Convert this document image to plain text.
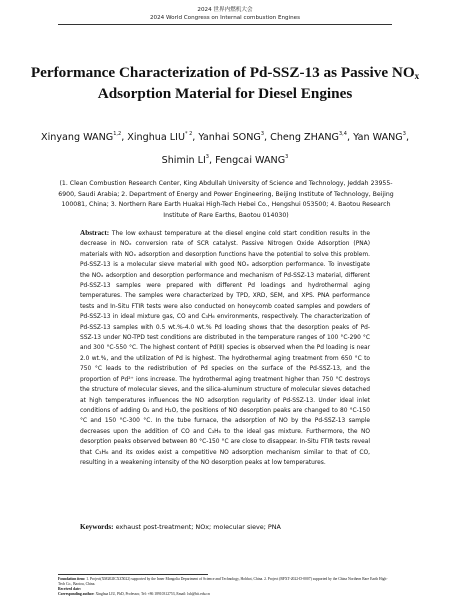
2024 世界内燃机大会
2024 World Congress on Internal combustion Engines
Performance Characterization of Pd-SSZ-13 as Passive $NO_x$
Adsorption Material for Diesel Engines
Xinyang WANG$^{1,2}$, Xinghua LIU$^{* 2}$, Yanhai SONG$^3$, Cheng ZHANG$^{3,4}$, Yan WANG$^3$,
Shimin $LI^3$, Fengcai WANG$^3$
(1. Clean Combustion Research Center, King Abdullah University of Science and Technology, Jeddah 23955-6900, Saudi Arabia; 2. Department of Energy and Power Engineering, Beijing Institute of Technology, Beijing 100081, China; 3. Northern Rare Earth Huakai High-Tech Hebei Co., Hengshui 053500; 4. Baotou Research Institute of Rare Earths, Baotou 014030)
Abstract: The low exhaust temperature at the diesel engine cold start condition results in the decrease in NOₓ conversion rate of SCR catalyst. Passive Nitrogen Oxide Adsorption (PNA) materials with NOₓ adsorption and desorption functions have the potential to solve this problem. Pd-SSZ-13 is a molecular sieve material with good NOₓ adsorption performance. To investigate the NOₓ adsorption and desorption performance and mechanism of Pd-SSZ-13 material, different Pd-SSZ-13 samples were prepared with different Pd loadings and hydrothermal aging temperatures. The samples were characterized by TPD, XRD, SEM, and XPS. PNA performance tests and In-Situ FTIR tests were also conducted on honeycomb coated samples and powders of Pd-SSZ-13 in ideal mixture gas, CO and C₃H₆ environments, respectively. The characterization of Pd-SSZ-13 samples with 0.5 wt.%-4.0 wt.% Pd loading shows that the desorption peaks of Pd-SSZ-13 under NO-TPD test conditions are distributed in the temperature ranges of 100 °C-290 °C and 300 °C-550 °C. The highest content of Pd(Ⅱ) species is observed when the Pd loading is near 2.0 wt.%, and the utilization of Pd is highest. The hydrothermal aging treatment from 650 °C to 750 °C leads to the redistribution of Pd species on the surface of the Pd-SSZ-13, and the proportion of Pd²⁺ ions increase. The hydrothermal aging treatment higher than 750 °C destroys the structure of molecular sieves, and the silica-aluminum structure of molecular sieves detached at high temperatures influences the NO adsorption regularity of Pd-SSZ-13. Under ideal inlet conditions of adding O₂ and H₂O, the positions of NO desorption peaks are changed to 80 °C-150 °C and 150 °C-300 °C. In the tube furnace, the adsorption of NO by the Pd-SSZ-13 sample decreases upon the addition of CO and C₃H₆ to the ideal gas mixture. Furthermore, the NO desorption peaks observed between 80 °C-150 °C are close to disappear. In-Situ FTIR tests reveal that C₃H₆ and its oxides exist a competitive NO adsorption mechanism similar to that of CO, resulting in a weakening intensity of the NO desorption peaks at low temperatures.
Keywords: exhaust post-treatment; NOx; molecular sieve; PNA
Foundation item: 1. Project(XM202ICXZ5022) supported by the Inner Mongolia Department of Science and Technology, Hohhot, China. 2. Project (BFXT-2022-D-0007) supported by the China Northern Rare Earth High-Tech Co., Baotou, China.
Received date:
Corresponding author: Xinghua LIU, PhD, Professor, Tel: +86 18910312753, Email: lxh@bit.edu.cn
